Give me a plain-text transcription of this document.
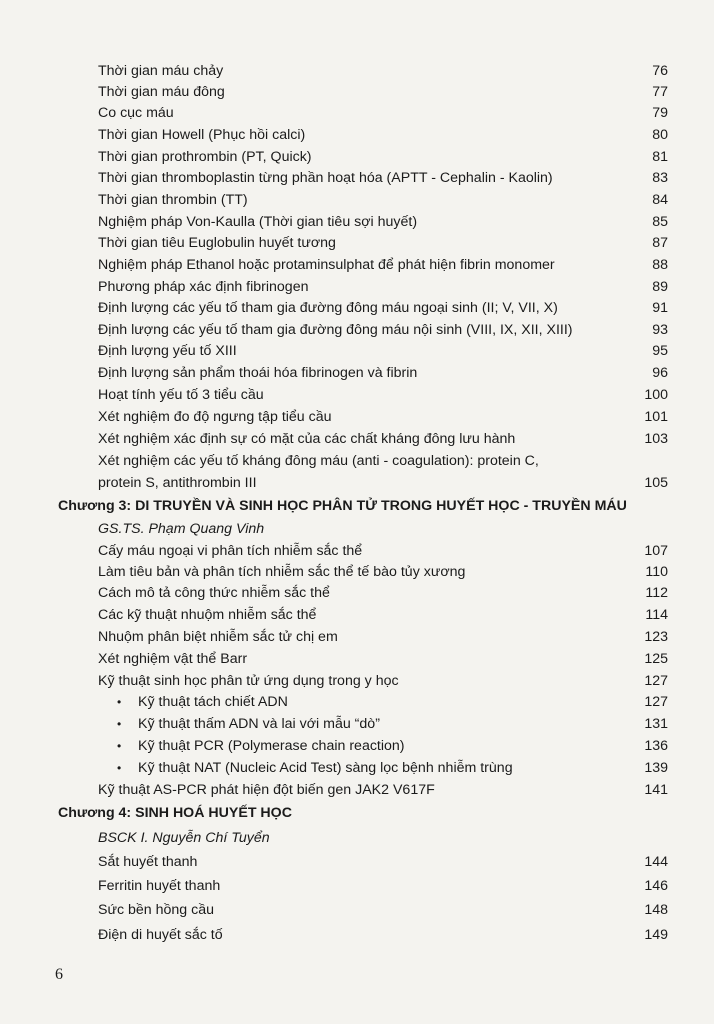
Thời gian máu chảy	76
Thời gian máu đông	77
Co cục máu	79
Thời gian Howell (Phục hồi calci)	80
Thời gian prothrombin (PT, Quick)	81
Thời gian thromboplastin từng phần hoạt hóa (APTT - Cephalin - Kaolin)	83
Thời gian thrombin (TT)	84
Nghiệm pháp Von-Kaulla (Thời gian tiêu sợi huyết)	85
Thời gian tiêu Euglobulin huyết tương	87
Nghiệm pháp Ethanol hoặc protaminsulphat để phát hiện fibrin monomer	88
Phương pháp xác định fibrinogen	89
Định lượng các yếu tố tham gia đường đông máu ngoại sinh (II; V, VII, X)	91
Định lượng các yếu tố tham gia đường đông máu nội sinh (VIII, IX, XII, XIII)	93
Định lượng yếu tố XIII	95
Định lượng sản phẩm thoái hóa fibrinogen và fibrin	96
Hoạt tính yếu tố 3 tiểu cầu	100
Xét nghiệm đo độ ngưng tập tiểu cầu	101
Xét nghiệm xác định sự có mặt của các chất kháng đông lưu hành	103
Xét nghiệm các yếu tố kháng đông máu (anti - coagulation): protein C,
protein S, antithrombin III	105
Chương 3: DI TRUYỀN VÀ SINH HỌC PHÂN TỬ TRONG HUYẾT HỌC - TRUYỀN MÁU
GS.TS. Phạm Quang Vinh
Cấy máu ngoại vi phân tích nhiễm sắc thể	107
Làm tiêu bản và phân tích nhiễm sắc thể tế bào tủy xương	110
Cách mô tả công thức nhiễm sắc thể	112
Các kỹ thuật nhuộm nhiễm sắc thể	114
Nhuộm phân biệt nhiễm sắc tử chị em	123
Xét nghiệm vật thể Barr	125
Kỹ thuật sinh học phân tử ứng dụng trong y học	127
• Kỹ thuật tách chiết ADN	127
• Kỹ thuật thấm ADN và lai với mẫu “dò”	131
• Kỹ thuật PCR (Polymerase chain reaction)	136
• Kỹ thuật NAT (Nucleic Acid Test) sàng lọc bệnh nhiễm trùng	139
Kỹ thuật AS-PCR phát hiện đột biến gen JAK2 V617F	141
Chương 4: SINH HOÁ HUYẾT HỌC
BSCK I. Nguyễn Chí Tuyển
Sắt huyết thanh	144
Ferritin huyết thanh	146
Sức bền hồng cầu	148
Điện di huyết sắc tố	149
6
